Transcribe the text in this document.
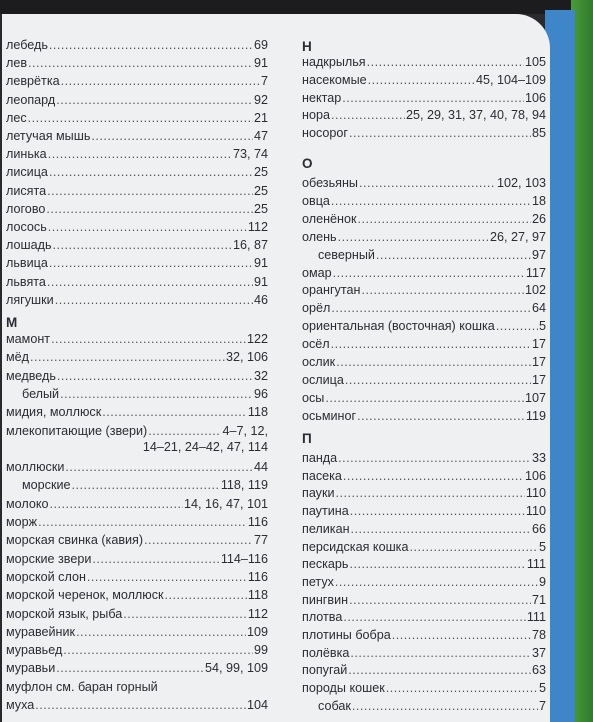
лебедь .....	69
лев .....	91
леврётка .....	7
леопард .....	92
лес .....	21
летучая мышь .....	47
линька .....	73, 74
лисица .....	25
лисята .....	25
логово .....	25
лосось .....	112
лошадь .....	16, 87
львица .....	91
львята .....	91
лягушки .....	46
М
мамонт .....	122
мёд .....	32, 106
медведь .....	32
белый .....	96
мидия, моллюск .....	118
млекопитающие (звери) .....	4–7, 12,
14–21, 24–42, 47, 114
моллюски .....	44
морские .....	118, 119
молоко .....	14, 16, 47, 101
морж .....	116
морская свинка (кавия) .....	77
морские звери .....	114–116
морской слон .....	116
морской черенок, моллюск .....	118
морской язык, рыба .....	112
муравейник .....	109
муравьед .....	99
муравьи .....	54, 99, 109
муфлон см. баран горный
муха .....	104
Н
надкрылья .....	105
насекомые .....	45, 104–109
нектар .....	106
нора .....	25, 29, 31, 37, 40, 78, 94
носорог .....	85
О
обезьяны .....	102, 103
овца .....	18
оленёнок .....	26
олень .....	26, 27, 97
северный .....	97
омар .....	117
орангутан .....	102
орёл .....	64
ориентальная (восточная) кошка .....	5
осёл .....	17
ослик .....	17
ослица .....	17
осы .....	107
осьминог .....	119
П
панда .....	33
пасека .....	106
пауки .....	110
паутина .....	110
пеликан .....	66
персидская кошка .....	5
пескарь .....	111
петух .....	9
пингвин .....	71
плотва .....	111
плотины бобра .....	78
полёвка .....	37
попугай .....	63
породы кошек .....	5
собак .....	7
